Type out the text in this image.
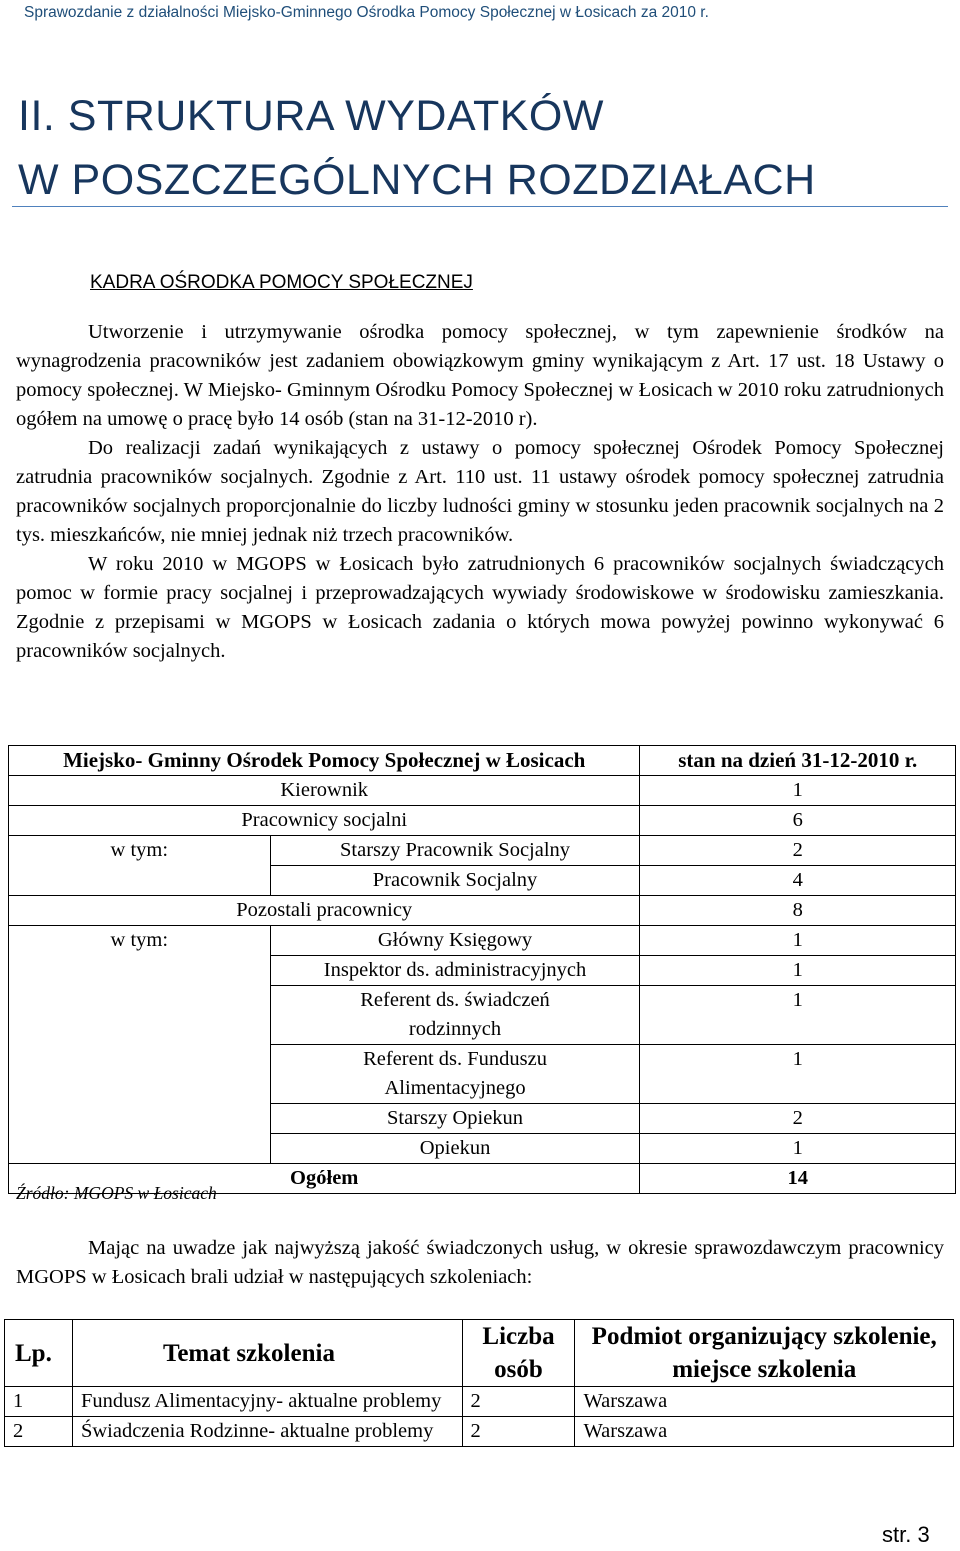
Sprawozdanie z działalności Miejsko-Gminnego Ośrodka Pomocy Społecznej w Łosicach za 2010 r.
II. STRUKTURA WYDATKÓW
W POSZCZEGÓLNYCH ROZDZIAŁACH
KADRA OŚRODKA POMOCY SPOŁECZNEJ

Utworzenie i utrzymywanie ośrodka pomocy społecznej, w tym zapewnienie środków na wynagrodzenia pracowników jest zadaniem obowiązkowym gminy wynikającym z Art. 17 ust. 18 Ustawy o pomocy społecznej. W Miejsko- Gminnym Ośrodku Pomocy Społecznej w Łosicach w 2010 roku zatrudnionych ogółem na umowę o pracę było 14 osób (stan na 31-12-2010 r).

Do realizacji zadań wynikających z ustawy o pomocy społecznej Ośrodek Pomocy Społecznej zatrudnia pracowników socjalnych. Zgodnie z Art. 110 ust. 11 ustawy ośrodek pomocy społecznej zatrudnia pracowników socjalnych proporcjonalnie do liczby ludności gminy w stosunku jeden pracownik socjalnych na 2 tys. mieszkańców, nie mniej jednak niż trzech pracowników.

W roku 2010 w MGOPS w Łosicach było zatrudnionych 6 pracowników socjalnych świadczących pomoc w formie pracy socjalnej i przeprowadzających wywiady środowiskowe w środowisku zamieszkania. Zgodnie z przepisami w MGOPS w Łosicach zadania o których mowa powyżej powinno wykonywać 6 pracowników socjalnych.

Miejsko- Gminny Ośrodek Pomocy Społecznej w Łosicach		stan na dzień 31-12-2010 r.
Kierownik		1
Pracownicy socjalni		6
w tym:	Starszy Pracownik Socjalny	2
	Pracownik Socjalny	4
Pozostali pracownicy		8
w tym:	Główny Księgowy	1
	Inspektor ds. administracyjnych	1
	Referent ds. świadczeń rodzinnych	1
	Referent ds. Funduszu Alimentacyjnego	1
	Starszy Opiekun	2
	Opiekun	1
Ogółem		14
Źródło: MGOPS w Łosicach

Mając na uwadze jak najwyższą jakość świadczonych usług, w okresie sprawozdawczym pracownicy MGOPS w Łosicach brali udział w następujących szkoleniach:

Lp.	Temat szkolenia	Liczba osób	Podmiot organizujący szkolenie, miejsce szkolenia
1	Fundusz Alimentacyjny- aktualne problemy	2	Warszawa
2	Świadczenia Rodzinne- aktualne problemy	2	Warszawa
str. 3
